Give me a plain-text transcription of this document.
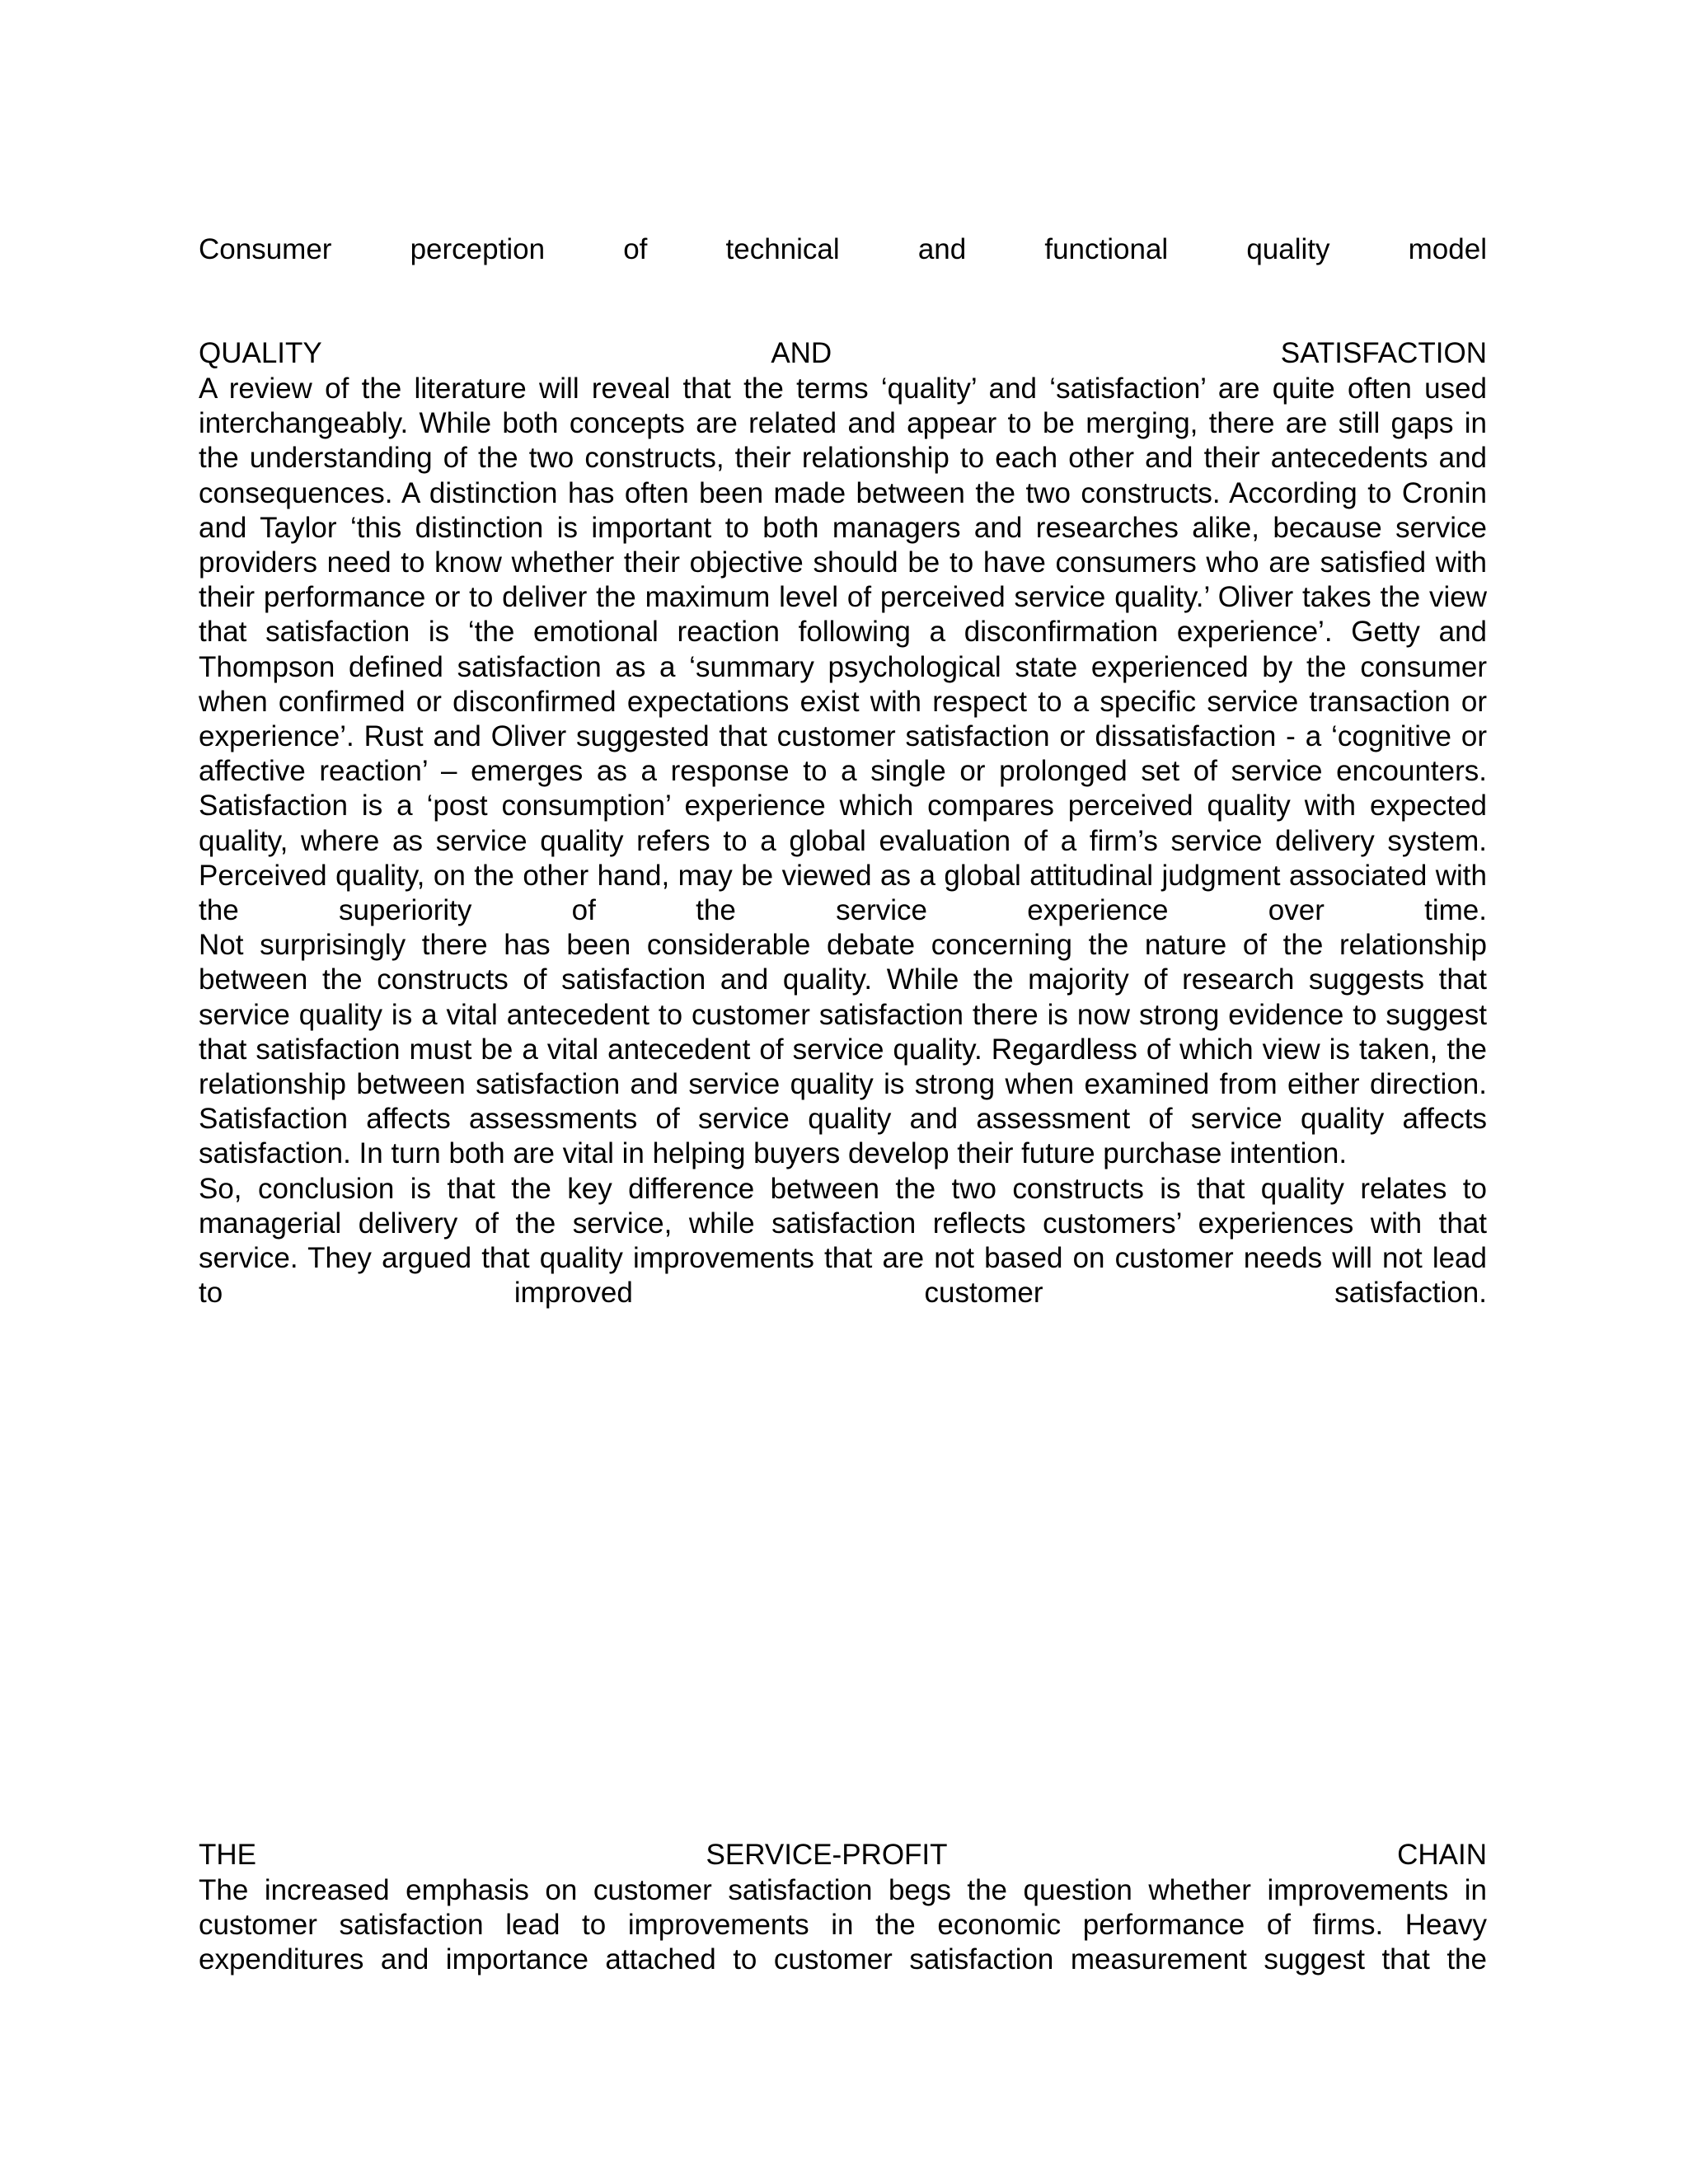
Consumer	perception	of	technical	and	functional	quality	model
QUALITY	AND	SATISFACTION

A review of the literature will reveal that the terms ‘quality’ and ‘satisfaction’ are quite often used interchangeably. While both concepts are related and appear to be merging, there are still gaps in the understanding of the two constructs, their relationship to each other and their antecedents and consequences. A distinction has often been made between the two constructs. According to Cronin and Taylor ‘this distinction is important to both managers and researches alike, because service providers need to know whether their objective should be to have consumers who are satisfied with their performance or to deliver the maximum level of perceived service quality.’ Oliver takes the view that satisfaction is ‘the emotional reaction following a disconfirmation experience’. Getty and Thompson defined satisfaction as a ‘summary psychological state experienced by the consumer when confirmed or disconfirmed expectations exist with respect to a specific service transaction or experience’. Rust and Oliver suggested that customer satisfaction or dissatisfaction - a ‘cognitive or affective reaction’ – emerges as a response to a single or prolonged set of service encounters. Satisfaction is a ‘post consumption’ experience which compares perceived quality with expected quality, where as service quality refers to a global evaluation of a firm’s service delivery system. Perceived quality, on the other hand, may be viewed as a global attitudinal judgment associated with the superiority of the service experience over time.

Not surprisingly there has been considerable debate concerning the nature of the relationship between the constructs of satisfaction and quality. While the majority of research suggests that service quality is a vital antecedent to customer satisfaction there is now strong evidence to suggest that satisfaction must be a vital antecedent of service quality. Regardless of which view is taken, the relationship between satisfaction and service quality is strong when examined from either direction. Satisfaction affects assessments of service quality and assessment of service quality affects satisfaction. In turn both are vital in helping buyers develop their future purchase intention.

So, conclusion is that the key difference between the two constructs is that quality relates to managerial delivery of the service, while satisfaction reflects customers’ experiences with that service. They argued that quality improvements that are not based on customer needs will not lead to improved customer satisfaction.

THE	SERVICE-PROFIT	CHAIN

The increased emphasis on customer satisfaction begs the question whether improvements in customer satisfaction lead to improvements in the economic performance of firms. Heavy expenditures and importance attached to customer satisfaction measurement suggest that the
